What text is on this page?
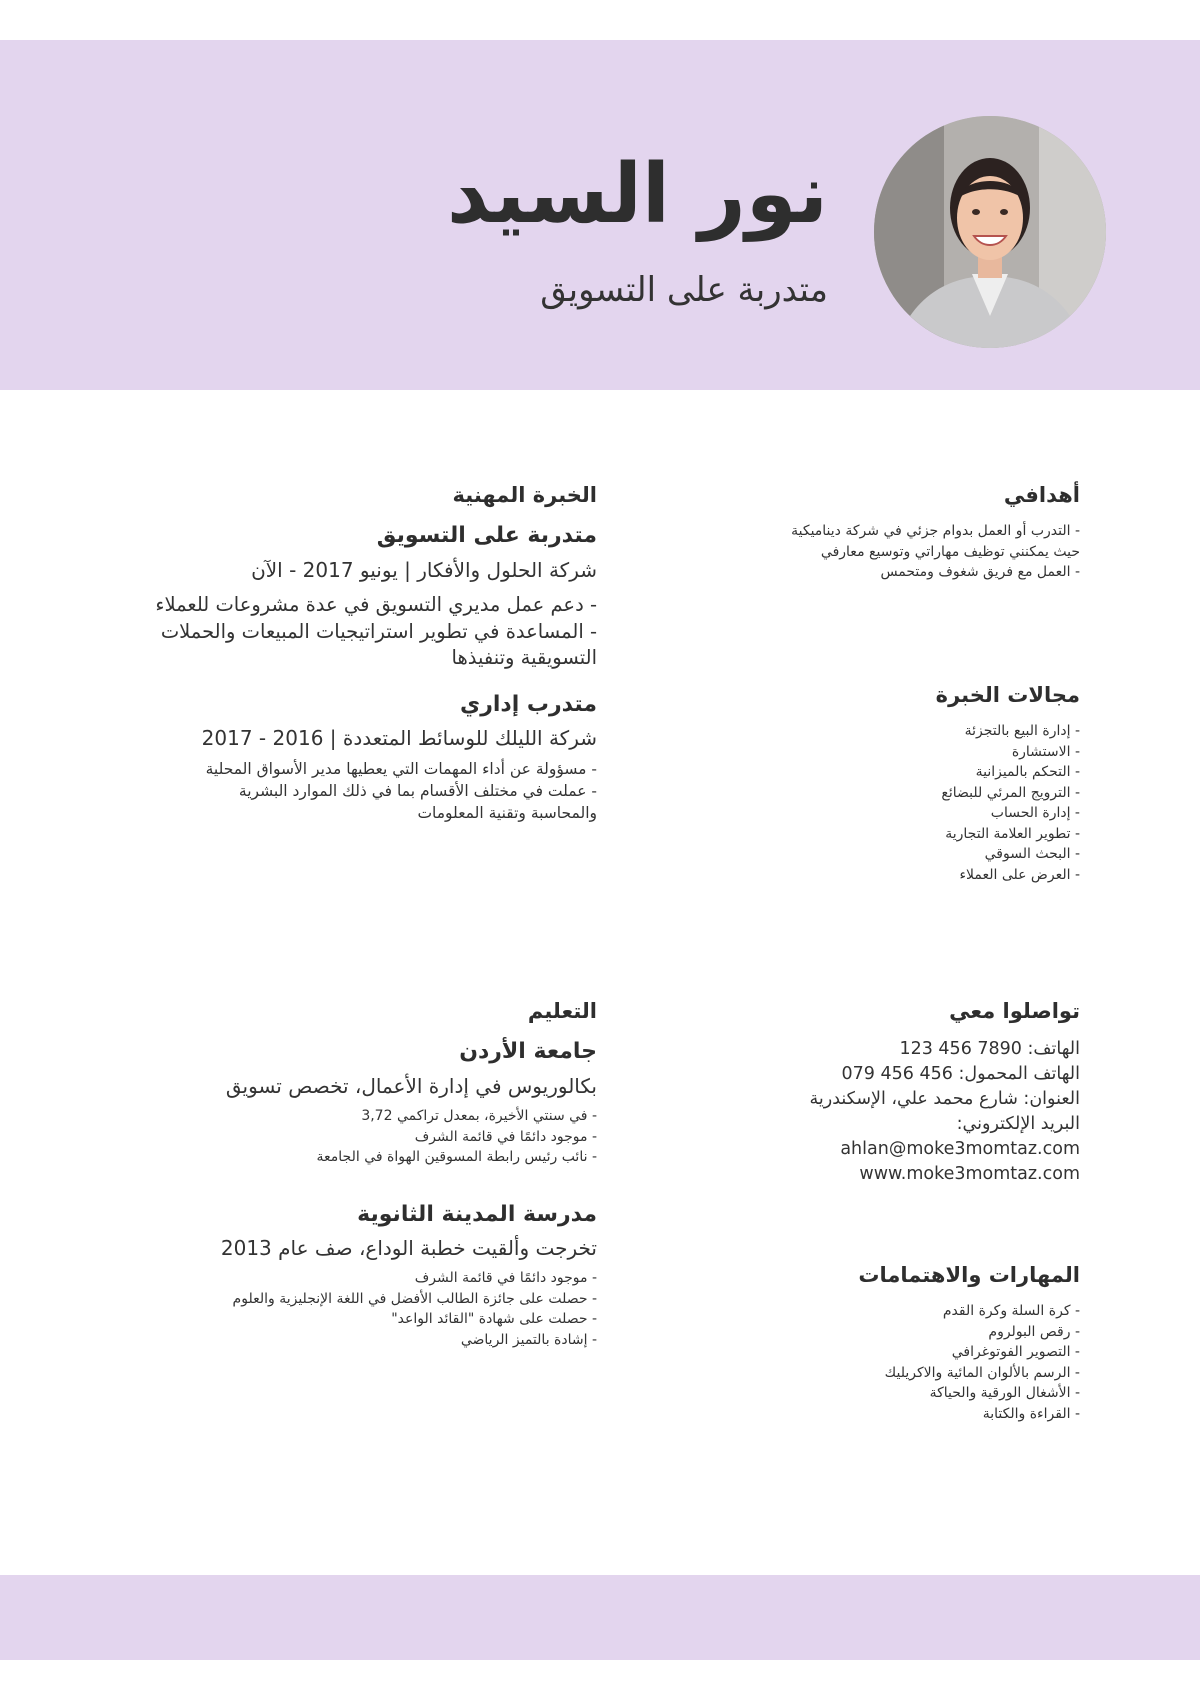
نور السيد
متدربة على التسويق
أهدافي
- التدرب أو العمل بدوام جزئي في شركة ديناميكية
حيث يمكنني توظيف مهاراتي وتوسيع معارفي
- العمل مع فريق شغوف ومتحمس
مجالات الخبرة
- إدارة البيع بالتجزئة
- الاستشارة
- التحكم بالميزانية
- الترويج المرئي للبضائع
- إدارة الحساب
- تطوير العلامة التجارية
- البحث السوقي
- العرض على العملاء
تواصلوا معي
الهاتف: 7890 456 123
الهاتف المحمول: 456 456 079
العنوان: شارع محمد علي، الإسكندرية
البريد الإلكتروني:
ahlan@moke3momtaz.com
www.moke3momtaz.com
المهارات والاهتمامات
- كرة السلة وكرة القدم
- رقص البولروم
- التصوير الفوتوغرافي
- الرسم بالألوان المائية والاكريليك
- الأشغال الورقية والحياكة
- القراءة والكتابة
الخبرة المهنية
متدربة على التسويق
شركة الحلول والأفكار | يونيو 2017 - الآن
- دعم عمل مديري التسويق في عدة مشروعات للعملاء
- المساعدة في تطوير استراتيجيات المبيعات والحملات
التسويقية وتنفيذها
متدرب إداري
شركة الليلك للوسائط المتعددة | 2016 - 2017
- مسؤولة عن أداء المهمات التي يعطيها مدير الأسواق المحلية
- عملت في مختلف الأقسام بما في ذلك الموارد البشرية
والمحاسبة وتقنية المعلومات
التعليم
جامعة الأردن
بكالوريوس في إدارة الأعمال، تخصص تسويق
- في سنتي الأخيرة، بمعدل تراكمي 3,72
- موجود دائمًا في قائمة الشرف
- نائب رئيس رابطة المسوقين الهواة في الجامعة
مدرسة المدينة الثانوية
تخرجت وألقيت خطبة الوداع، صف عام 2013
- موجود دائمًا في قائمة الشرف
- حصلت على جائزة الطالب الأفضل في اللغة الإنجليزية والعلوم
- حصلت على شهادة "القائد الواعد"
- إشادة بالتميز الرياضي
